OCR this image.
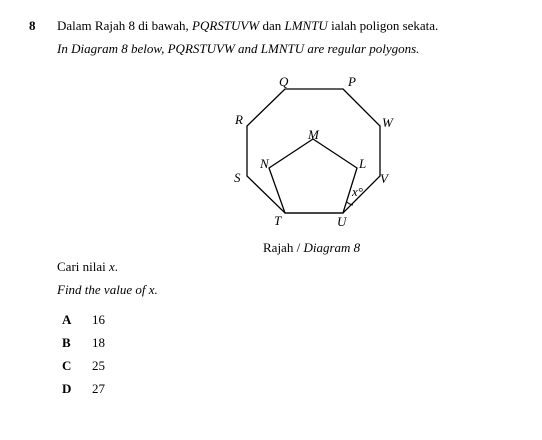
8 Dalam Rajah 8 di bawah, PQRSTUVW dan LMNTU ialah poligon sekata.
In Diagram 8 below, PQRSTUVW and LMNTU are regular polygons.
Q	P
R	W
M
N	L
S	V
x°
T	U
Rajah / Diagram 8
Cari nilai x.
Find the value of x.
A 16
B 18
C 25
D 27
